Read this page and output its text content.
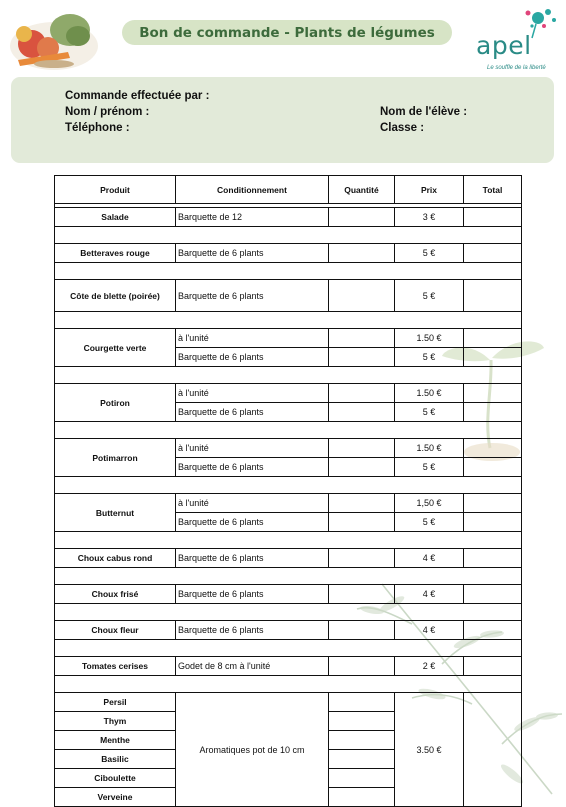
Bon de commande - Plants de légumes apel
Le souffle de la liberté
Commande effectuée par :
Nom / prénom :
Téléphone :
Nom de l'élève :
Classe :
Produit	Conditionnement	Quantité	Prix	Total

Salade	Barquette de 12		3 €	

Betteraves rouge	Barquette de 6 plants		5 €	

Côte de blette (poirée)	Barquette de 6 plants		5 €	

Courgette verte	à l'unité		1.50 €	
	Barquette de 6 plants		5 €	

Potiron	à l'unité		1.50 €	
	Barquette de 6 plants		5 €	

Potimarron	à l'unité		1.50 €	
	Barquette de 6 plants		5 €	

Butternut	à l'unité		1,50 €	
	Barquette de 6 plants		5 €	

Choux cabus rond	Barquette de 6 plants		4 €	

Choux frisé	Barquette de 6 plants		4 €	

Choux fleur	Barquette de 6 plants		4 €	

Tomates cerises	Godet de 8 cm à l'unité		2 €	

Persil	Aromatiques pot de 10 cm		3.50 €	
Thym				
Menthe				
Basilic				
Ciboulette				
Verveine				
